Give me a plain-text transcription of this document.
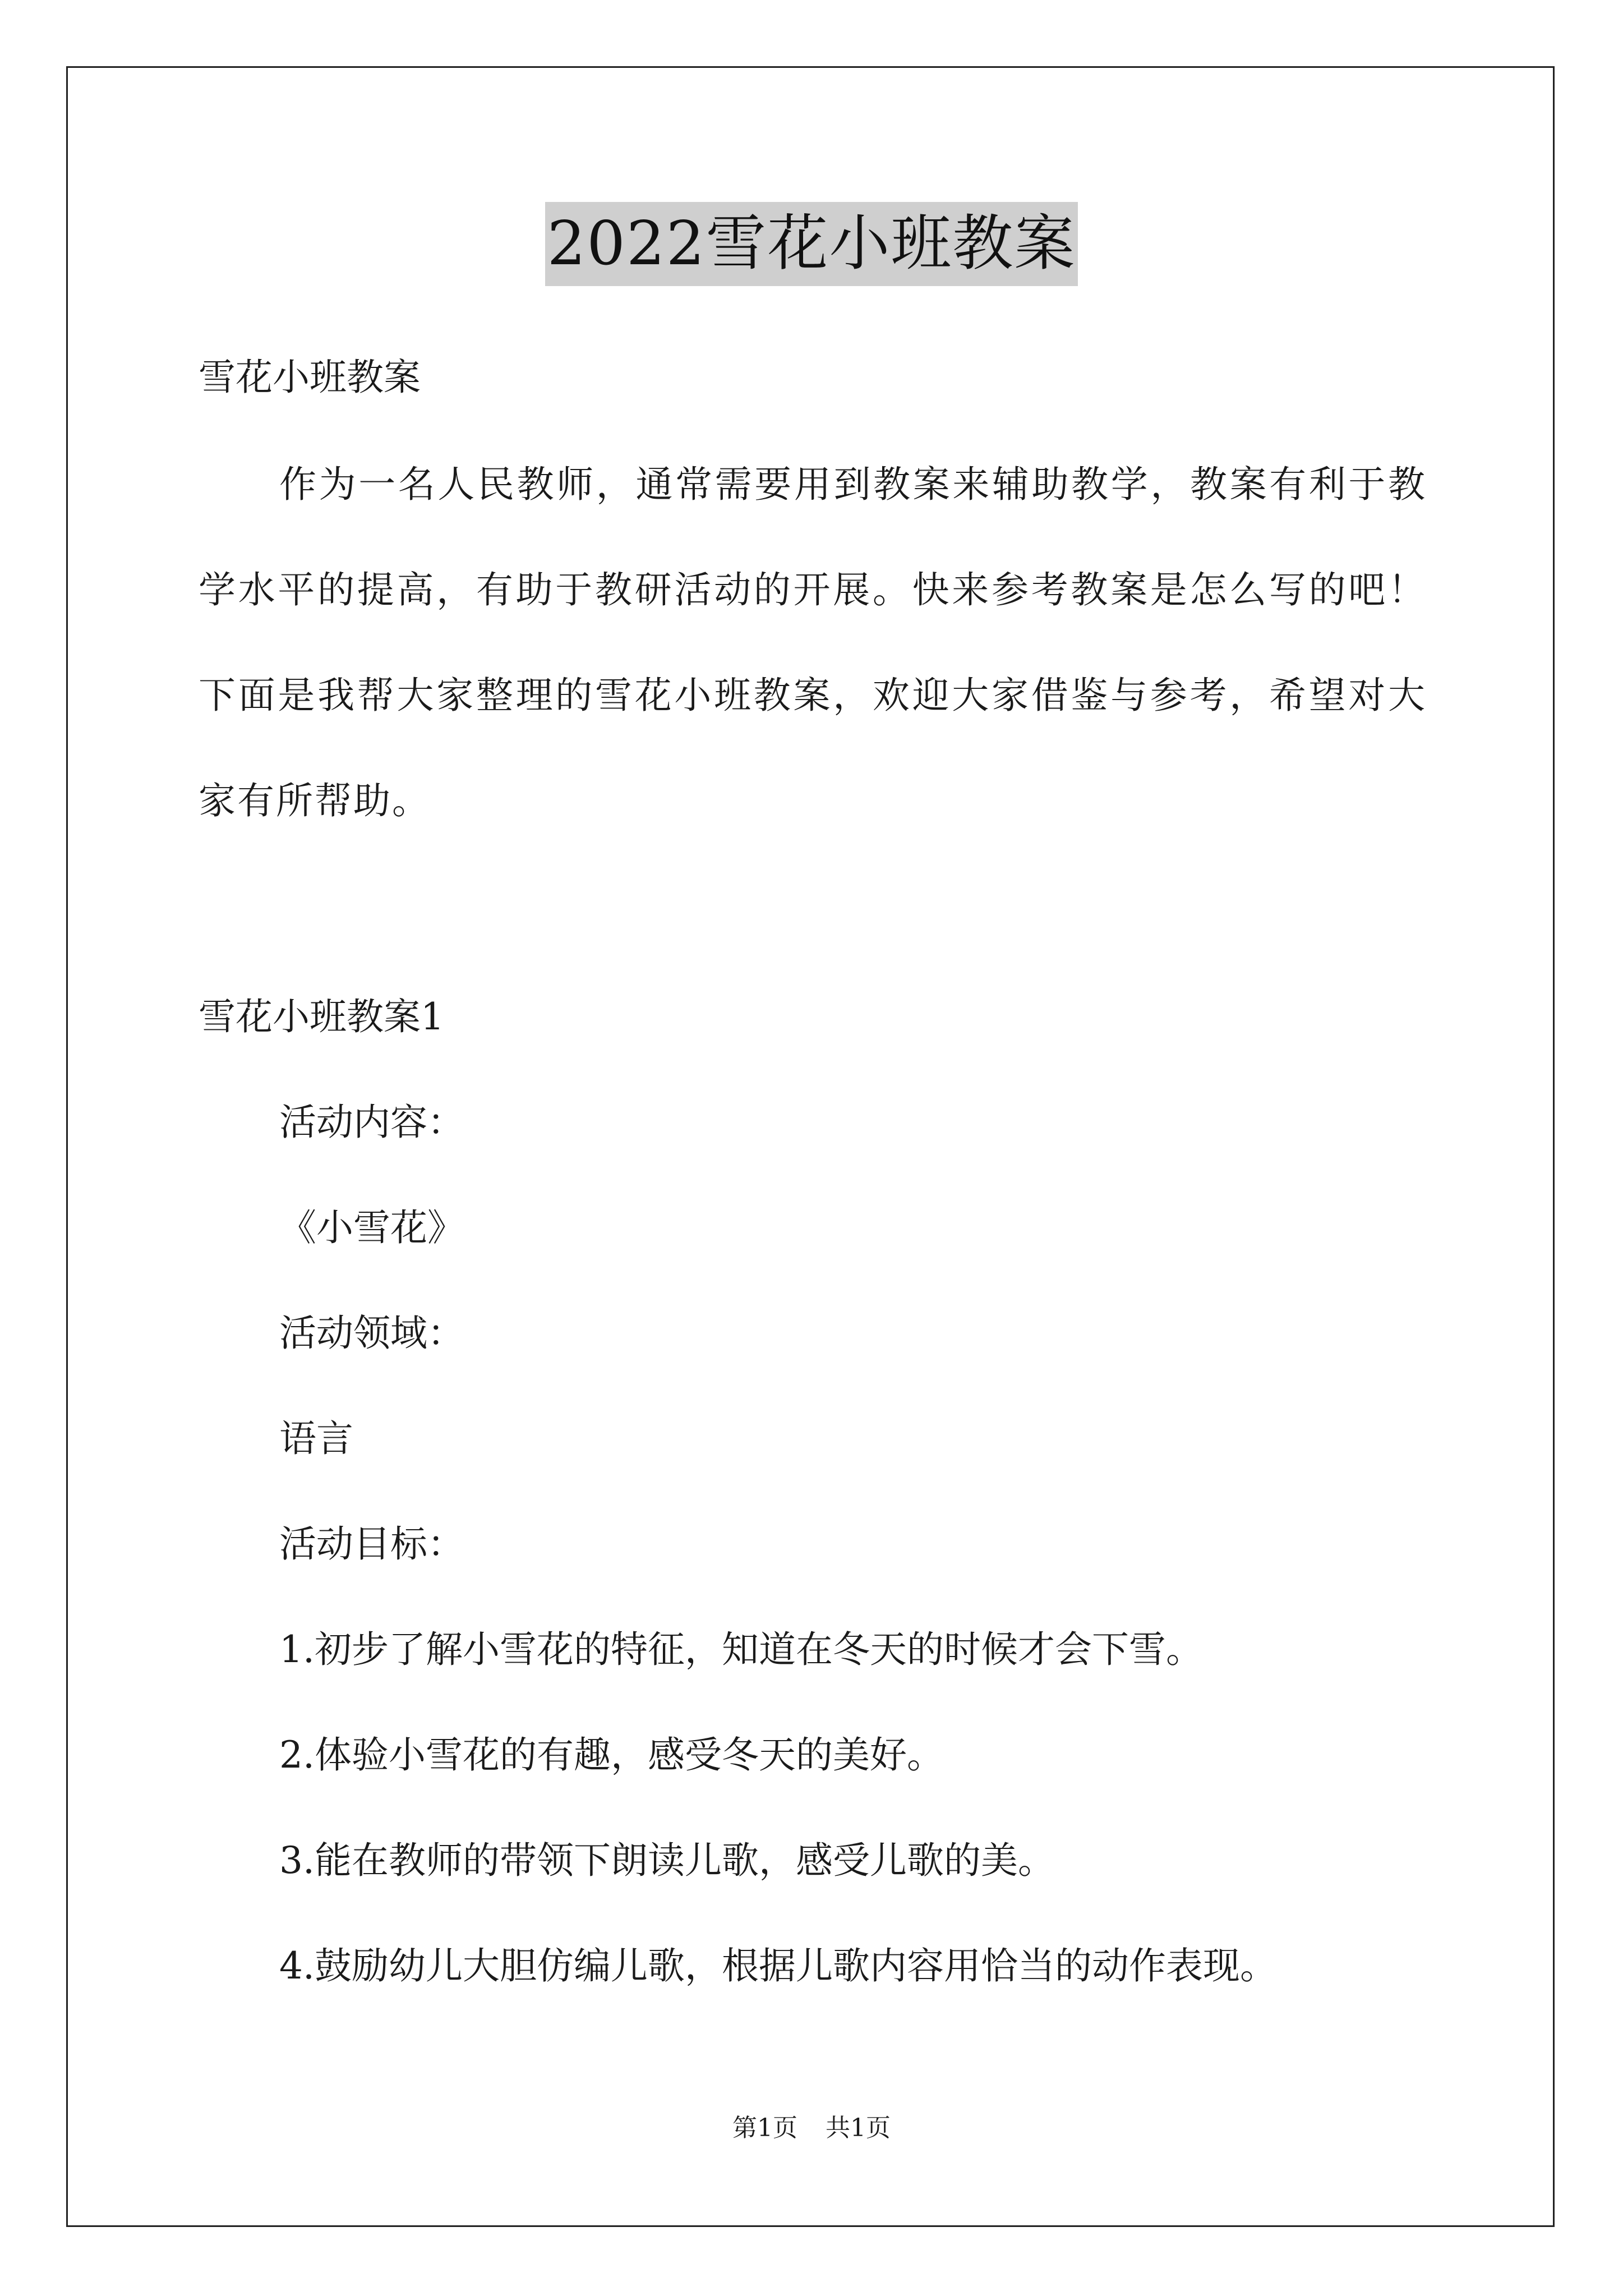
2022雪花小班教案
雪花小班教案
作为一名人民教师，通常需要用到教案来辅助教学，教案有利于教学水平的提高，有助于教研活动的开展。快来参考教案是怎么写的吧！下面是我帮大家整理的雪花小班教案，欢迎大家借鉴与参考，希望对大家有所帮助。
雪花小班教案1
活动内容：
《小雪花》
活动领域：
语言
活动目标：
1.初步了解小雪花的特征，知道在冬天的时候才会下雪。
2.体验小雪花的有趣，感受冬天的美好。
3.能在教师的带领下朗读儿歌，感受儿歌的美。
4.鼓励幼儿大胆仿编儿歌，根据儿歌内容用恰当的动作表现。
第1页 共1页
